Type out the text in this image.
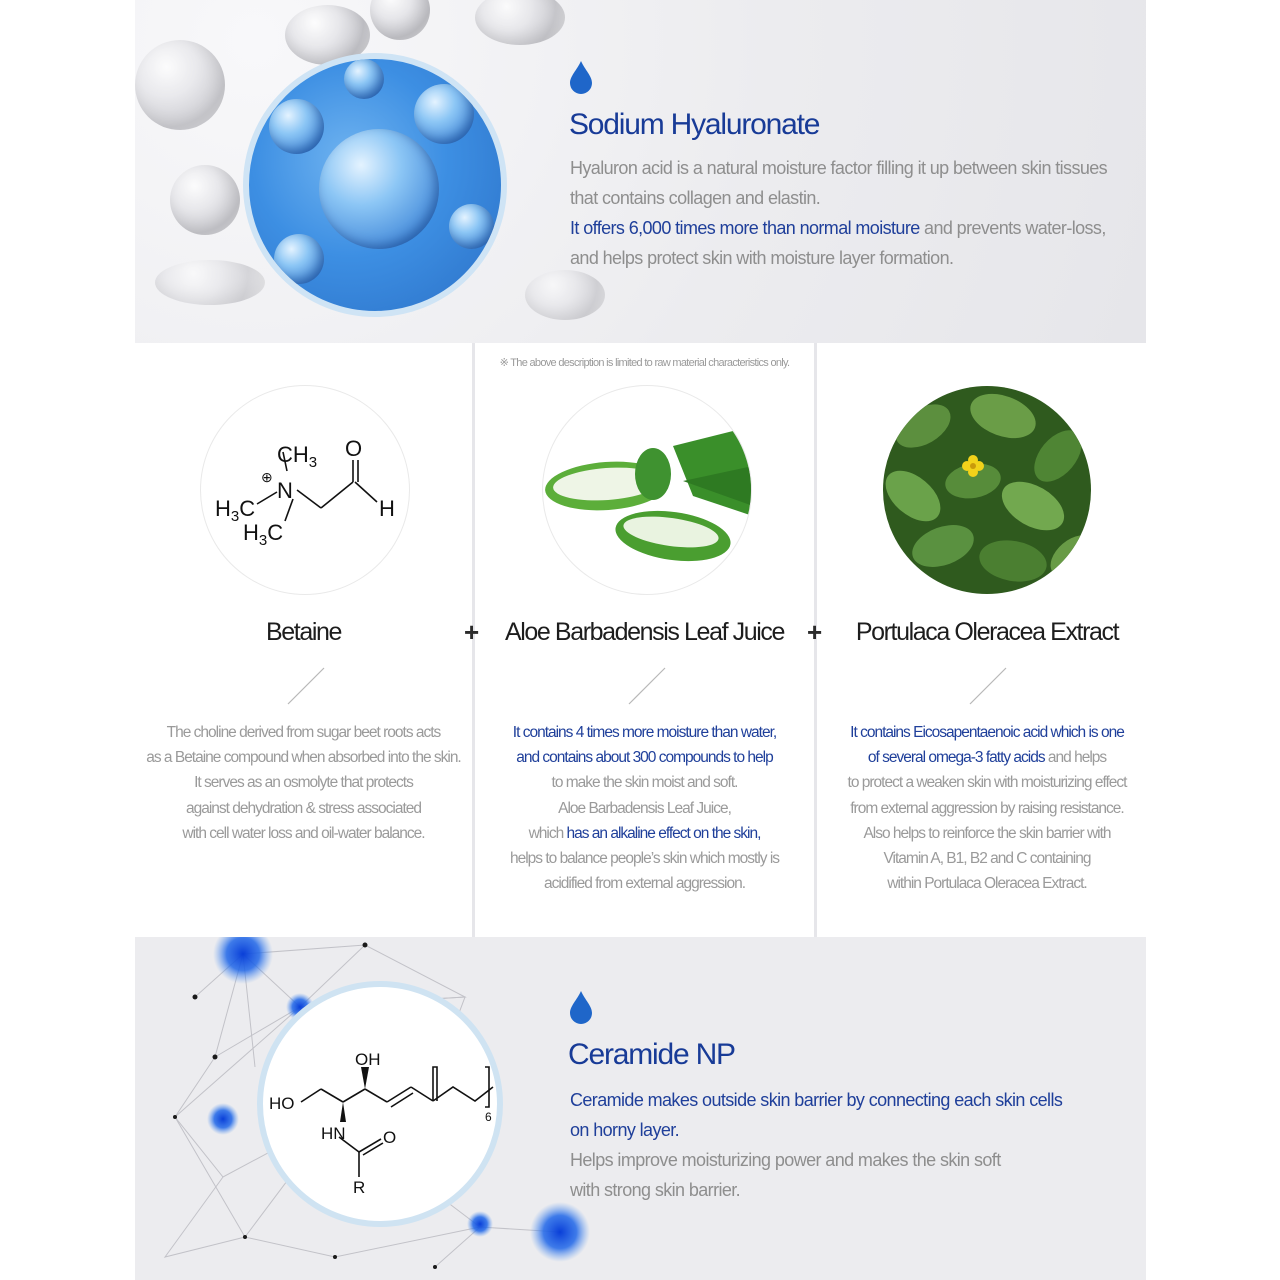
Sodium Hyaluronate

Hyaluron acid is a natural moisture factor filling it up between skin tissues
that contains collagen and elastin.
It offers 6,000 times more than normal moisture and prevents water-loss,
and helps protect skin with moisture layer formation.

※ The above description is limited to raw material characteristics only.
$CH_3$
O
H
N
⊕
$H_3C$
$H_3C$
Betaine	+	Aloe Barbadensis Leaf Juice +	Portulaca Oleracea Extract

The choline derived from sugar beet roots acts
as a Betaine compound when absorbed into the skin.
It serves as an osmolyte that protects
against dehydration & stress associated
with cell water loss and oil-water balance.

It contains 4 times more moisture than water,
and contains about 300 compounds to help
to make the skin moist and soft.
Aloe Barbadensis Leaf Juice,
which has an alkaline effect on the skin,
helps to balance people’s skin which mostly is
acidified from external aggression.

It contains Eicosapentaenoic acid which is one
of several omega-3 fatty acids and helps
to protect a weaken skin with moisturizing effect
from external aggression by raising resistance.
Also helps to reinforce the skin barrier with
Vitamin A, B1, B2 and C containing
within Portulaca Oleracea Extract.

OH
HO
HN O
R
6
Ceramide NP

Ceramide makes outside skin barrier by connecting each skin cells
on horny layer.
Helps improve moisturizing power and makes the skin soft
with strong skin barrier.
